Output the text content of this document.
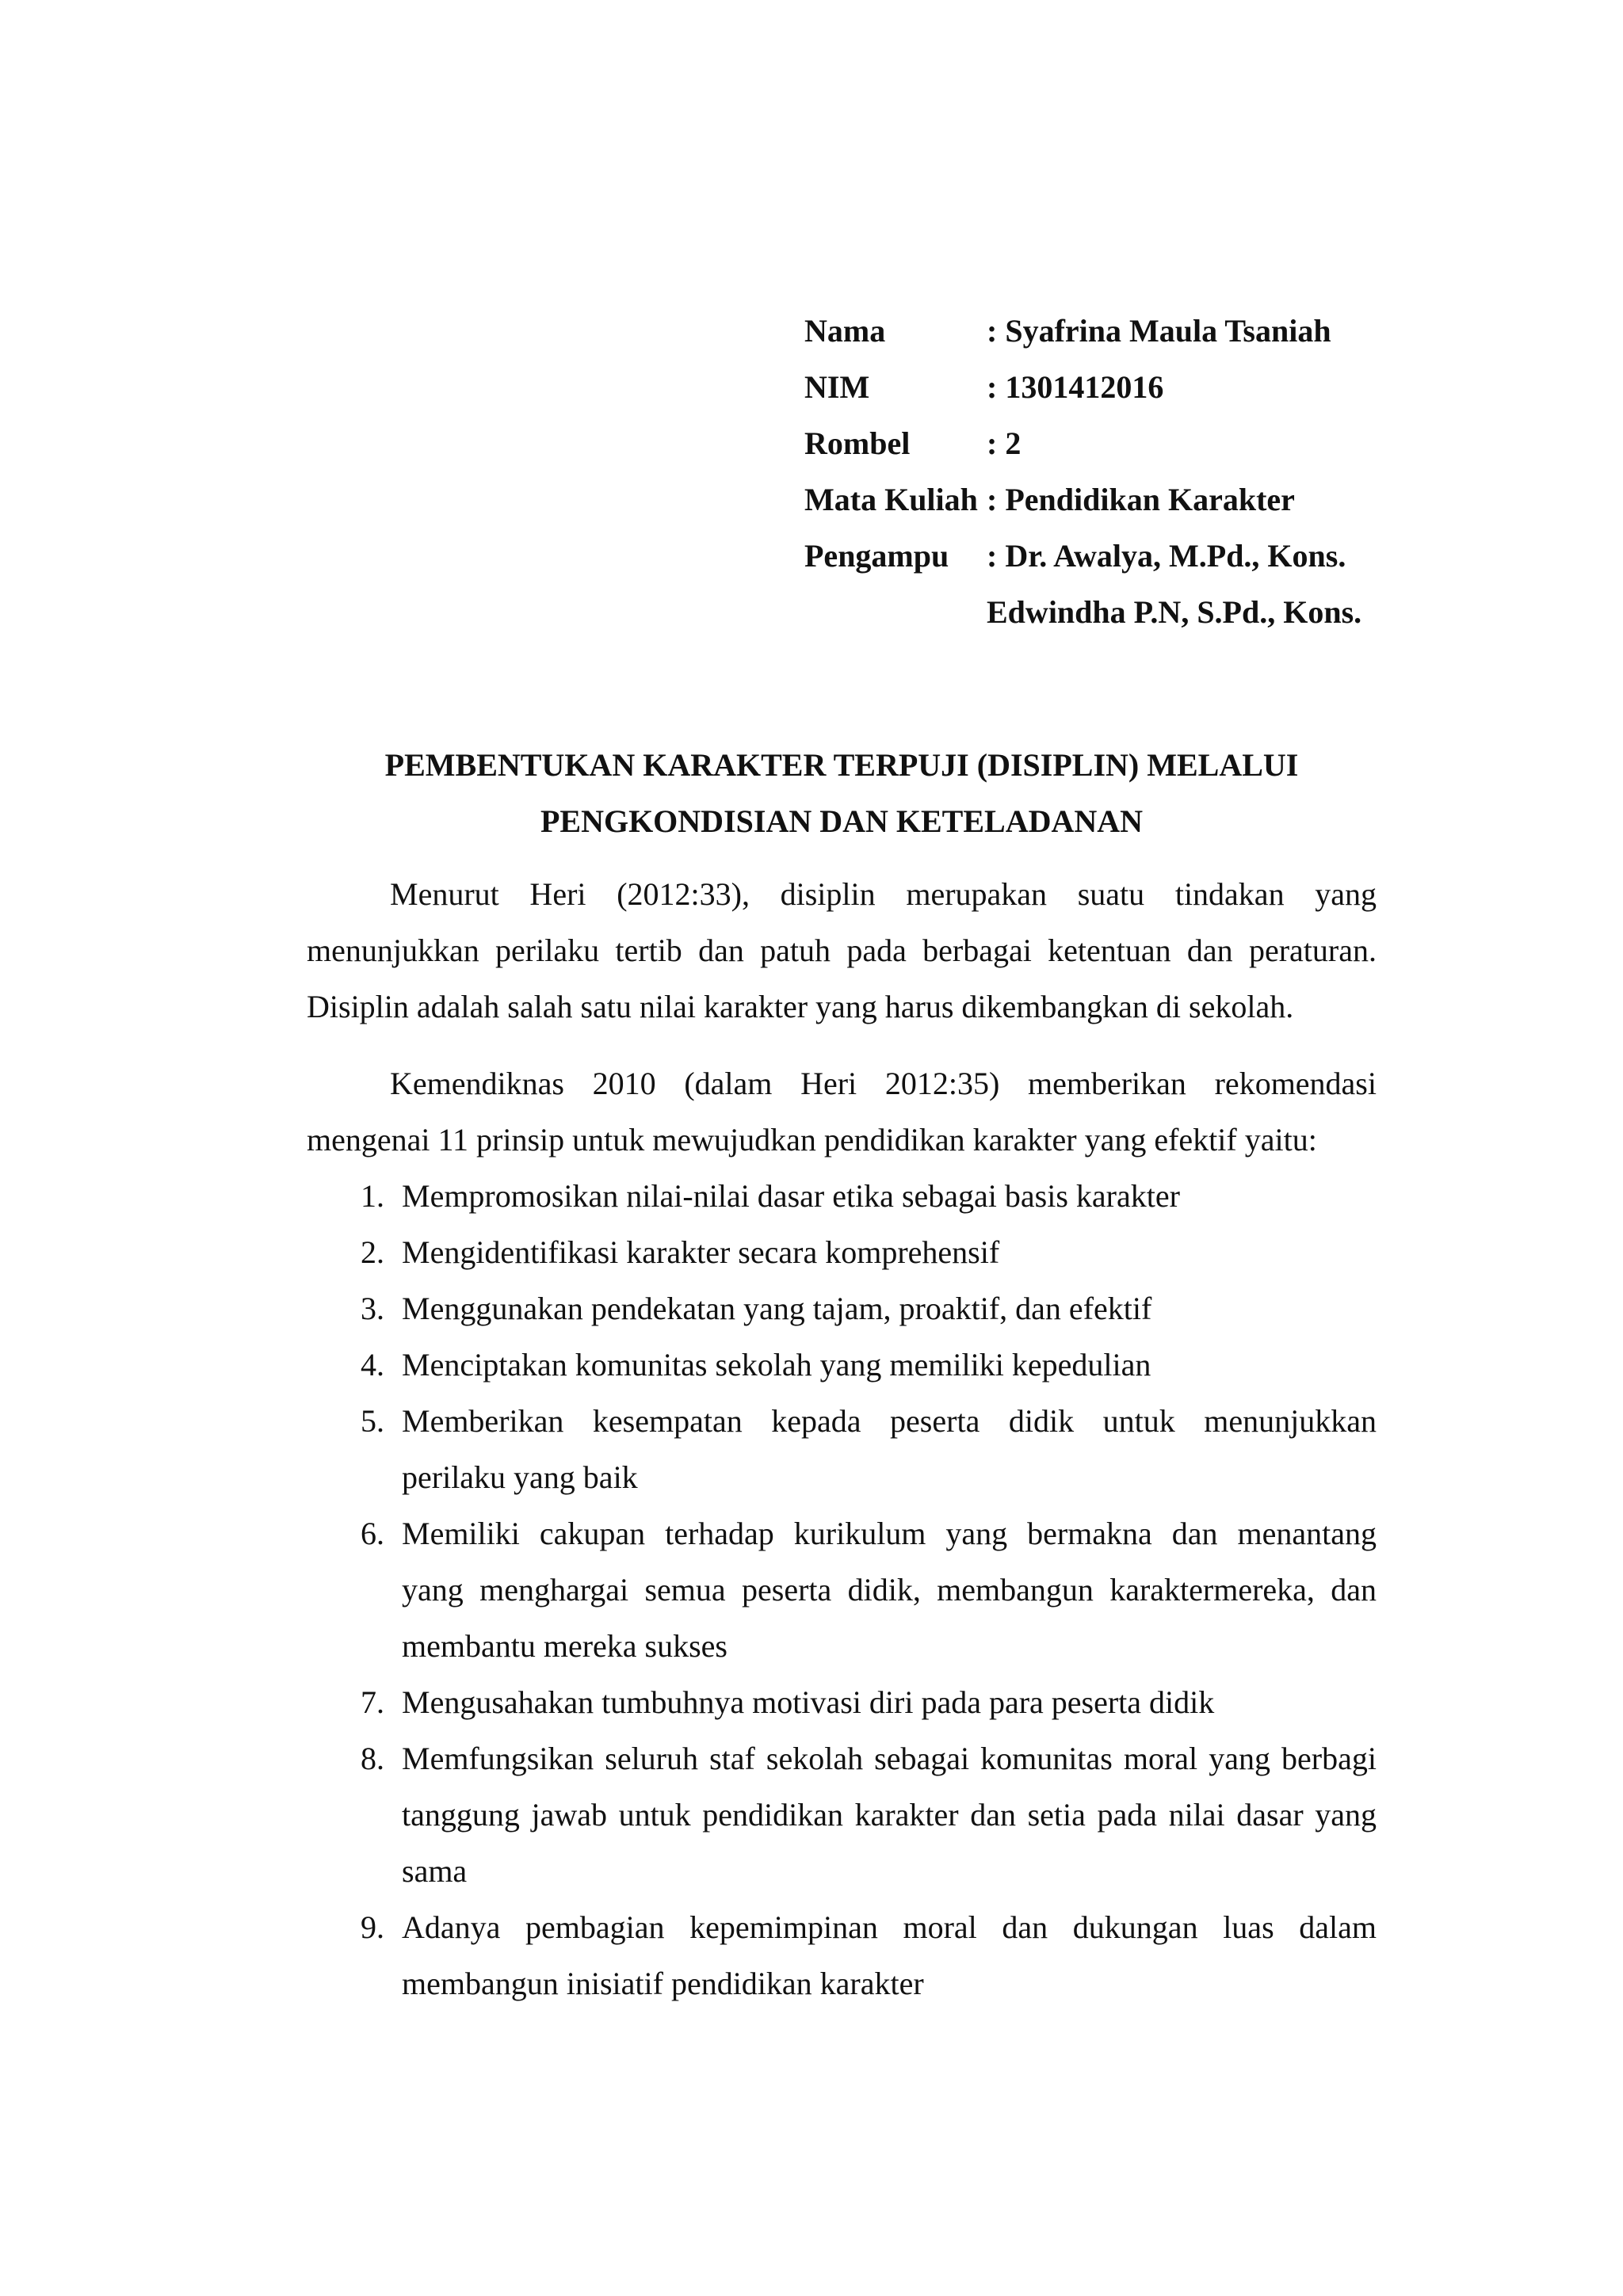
Nama	: Syafrina Maula Tsaniah
NIM	: 1301412016
Rombel	: 2
Mata Kuliah : Pendidikan Karakter
Pengampu	: Dr. Awalya, M.Pd., Kons.
Edwindha P.N, S.Pd., Kons.
PEMBENTUKAN KARAKTER TERPUJI (DISIPLIN) MELALUI
PENGKONDISIAN DAN KETELADANAN
Menurut Heri (2012:33), disiplin merupakan suatu tindakan yang
menunjukkan perilaku tertib dan patuh pada berbagai ketentuan dan peraturan.
Disiplin adalah salah satu nilai karakter yang harus dikembangkan di sekolah.
Kemendiknas 2010 (dalam Heri 2012:35) memberikan rekomendasi
mengenai 11 prinsip untuk mewujudkan pendidikan karakter yang efektif yaitu:
1. Mempromosikan nilai-nilai dasar etika sebagai basis karakter
2. Mengidentifikasi karakter secara komprehensif
3. Menggunakan pendekatan yang tajam, proaktif, dan efektif
4. Menciptakan komunitas sekolah yang memiliki kepedulian
5. Memberikan kesempatan kepada peserta didik untuk menunjukkan
perilaku yang baik
6. Memiliki cakupan terhadap kurikulum yang bermakna dan menantang
yang menghargai semua peserta didik, membangun karaktermereka, dan
membantu mereka sukses
7. Mengusahakan tumbuhnya motivasi diri pada para peserta didik
8. Memfungsikan seluruh staf sekolah sebagai komunitas moral yang berbagi
tanggung jawab untuk pendidikan karakter dan setia pada nilai dasar yang
sama
9. Adanya pembagian kepemimpinan moral dan dukungan luas dalam
membangun inisiatif pendidikan karakter
